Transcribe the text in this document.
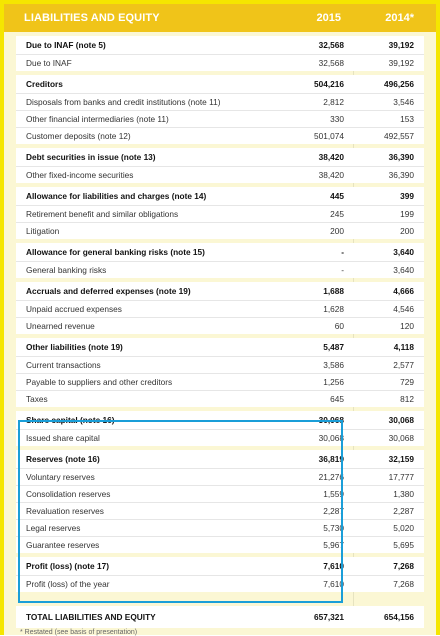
LIABILITIES AND EQUITY	2015	2014*
Due to INAF (note 5)	32,568	39,192
Due to INAF	32,568	39,192
Creditors	504,216	496,256
Disposals from banks and credit institutions (note 11)	2,812	3,546
Other financial intermediaries (note 11)	330	153
Customer deposits (note 12)	501,074	492,557
Debt securities in issue (note 13)	38,420	36,390
Other fixed-income securities	38,420	36,390
Allowance for liabilities and charges (note 14)	445	399
Retirement benefit and similar obligations	245	199
Litigation	200	200
Allowance for general banking risks (note 15)	-	3,640
General banking risks	-	3,640
Accruals and deferred expenses (note 19)	1,688	4,666
Unpaid accrued expenses	1,628	4,546
Unearned revenue	60	120
Other liabilities (note 19)	5,487	4,118
Current transactions	3,586	2,577
Payable to suppliers and other creditors	1,256	729
Taxes	645	812
Share capital (note 16)	30,068	30,068
Issued share capital	30,068	30,068
Reserves (note 16)	36,819	32,159
Voluntary reserves	21,276	17,777
Consolidation reserves	1,559	1,380
Revaluation reserves	2,287	2,287
Legal reserves	5,730	5,020
Guarantee reserves	5,967	5,695
Profit (loss) (note 17)	7,610	7,268
Profit (loss) of the year	7,610	7,268
TOTAL LIABILITIES AND EQUITY	657,321	654,156
* Restated (see basis of presentation)
